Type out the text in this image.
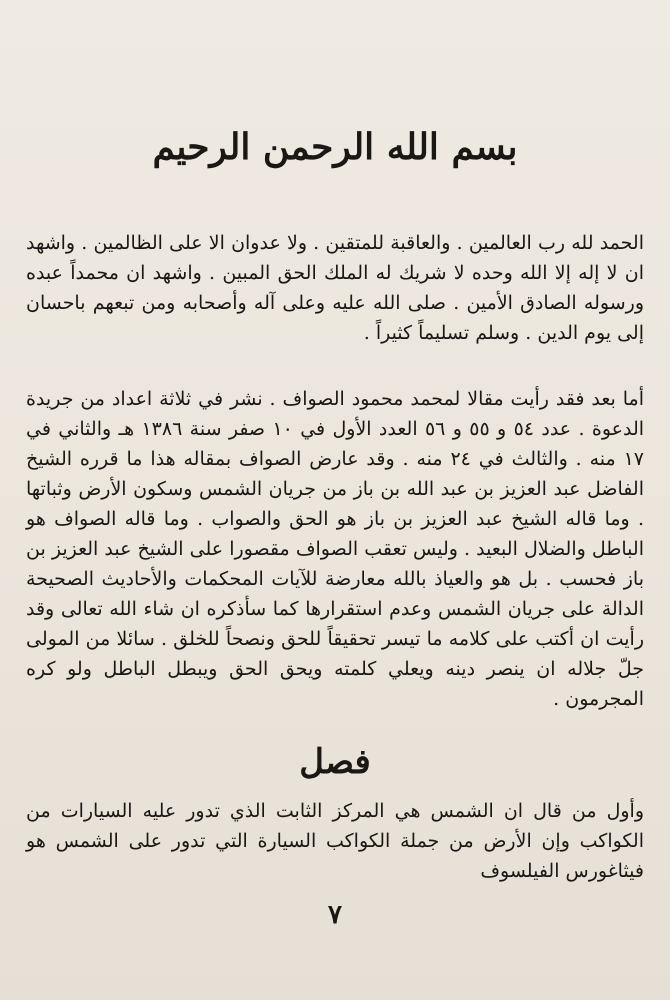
بسم الله الرحمن الرحيم

الحمد لله رب العالمين . والعاقبة للمتقين . ولا عدوان الا على الظالمين . واشهد ان لا إله إلا الله وحده لا شريك له الملك الحق المبين . واشهد ان محمداً عبده ورسوله الصادق الأمين . صلى الله عليه وعلى آله وأصحابه ومن تبعهم باحسان إلى يوم الدين . وسلم تسليماً كثيراً .

أما بعد فقد رأيت مقالا لمحمد محمود الصواف . نشر في ثلاثة اعداد من جريدة الدعوة . عدد ٥٤ و ٥٥ و ٥٦ العدد الأول في ١٠ صفر سنة ١٣٨٦ هـ والثاني في ١٧ منه . والثالث في ٢٤ منه . وقد عارض الصواف بمقاله هذا ما قرره الشيخ الفاضل عبد العزيز بن عبد الله بن باز من جريان الشمس وسكون الأرض وثباتها . وما قاله الشيخ عبد العزيز بن باز هو الحق والصواب . وما قاله الصواف هو الباطل والضلال البعيد . وليس تعقب الصواف مقصورا على الشيخ عبد العزيز بن باز فحسب . بل هو والعياذ بالله معارضة للآيات المحكمات والأحاديث الصحيحة الدالة على جريان الشمس وعدم استقرارها كما سأذكره ان شاء الله تعالى وقد رأيت ان أكتب على كلامه ما تيسر تحقيقاً للحق ونصحاً للخلق . سائلا من المولى جلّ جلاله ان ينصر دينه ويعلي كلمته ويحق الحق ويبطل الباطل ولو كره المجرمون .

فصل

وأول من قال ان الشمس هي المركز الثابت الذي تدور عليه السيارات من الكواكب وإن الأرض من جملة الكواكب السيارة التي تدور على الشمس هو فيثاغورس الفيلسوف

٧
